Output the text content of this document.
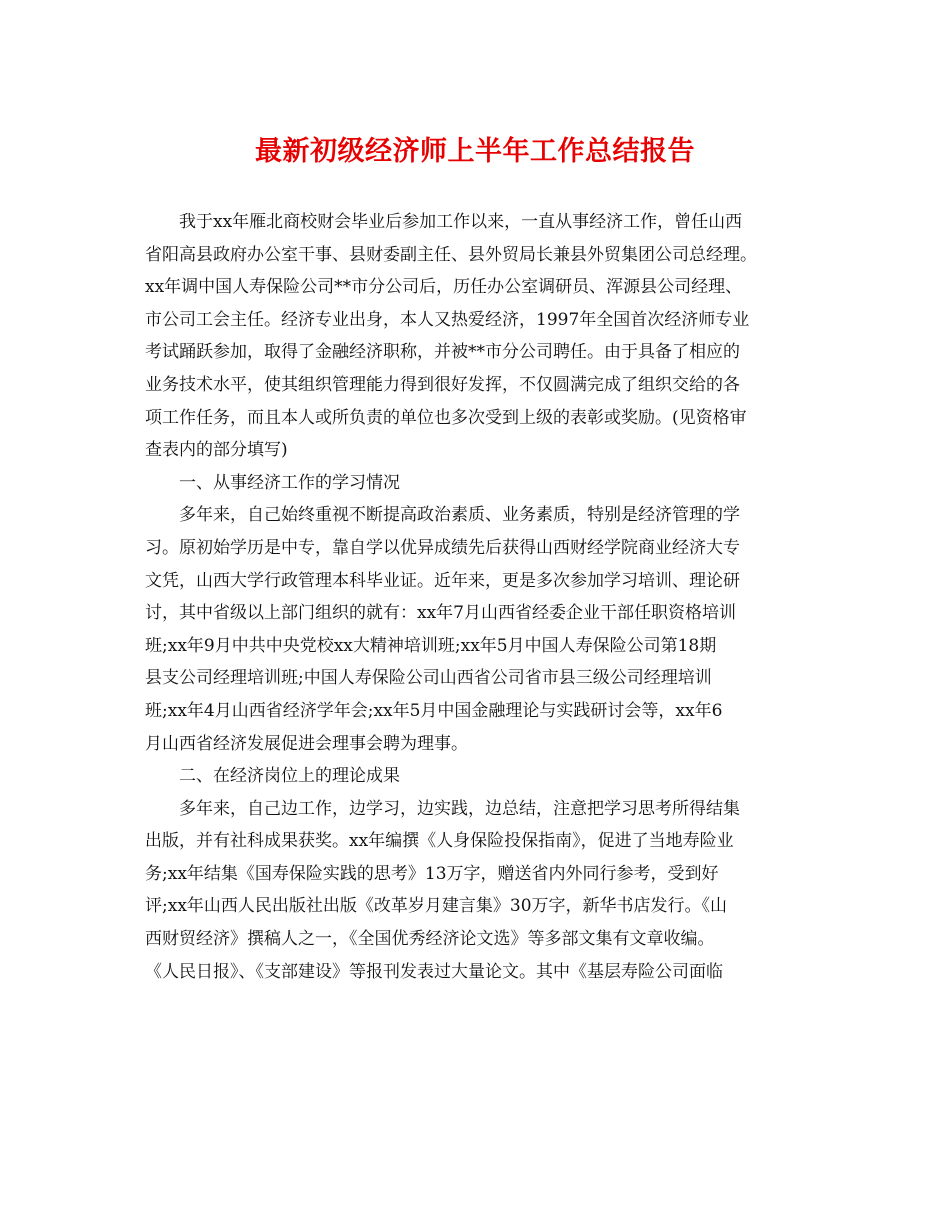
最新初级经济师上半年工作总结报告
我于xx年雁北商校财会毕业后参加工作以来，一直从事经济工作，曾任山西
省阳高县政府办公室干事、县财委副主任、县外贸局长兼县外贸集团公司总经理。
xx年调中国人寿保险公司**市分公司后，历任办公室调研员、浑源县公司经理、
市公司工会主任。经济专业出身，本人又热爱经济，1997年全国首次经济师专业
考试踊跃参加，取得了金融经济职称，并被**市分公司聘任。由于具备了相应的
业务技术水平，使其组织管理能力得到很好发挥，不仅圆满完成了组织交给的各
项工作任务，而且本人或所负责的单位也多次受到上级的表彰或奖励。(见资格审
查表内的部分填写)
一、从事经济工作的学习情况
多年来，自己始终重视不断提高政治素质、业务素质，特别是经济管理的学
习。原初始学历是中专，靠自学以优异成绩先后获得山西财经学院商业经济大专
文凭，山西大学行政管理本科毕业证。近年来，更是多次参加学习培训、理论研
讨，其中省级以上部门组织的就有：xx年7月山西省经委企业干部任职资格培训
班;xx年9月中共中央党校xx大精神培训班;xx年5月中国人寿保险公司第18期
县支公司经理培训班;中国人寿保险公司山西省公司省市县三级公司经理培训
班;xx年4月山西省经济学年会;xx年5月中国金融理论与实践研讨会等，xx年6
月山西省经济发展促进会理事会聘为理事。
二、在经济岗位上的理论成果
多年来，自己边工作，边学习，边实践，边总结，注意把学习思考所得结集
出版，并有社科成果获奖。xx年编撰《人身保险投保指南》，促进了当地寿险业
务;xx年结集《国寿保险实践的思考》13万字，赠送省内外同行参考，受到好
评;xx年山西人民出版社出版《改革岁月建言集》30万字，新华书店发行。《山
西财贸经济》撰稿人之一，《全国优秀经济论文选》等多部文集有文章收编。
《人民日报》、《支部建设》等报刊发表过大量论文。其中《基层寿险公司面临
